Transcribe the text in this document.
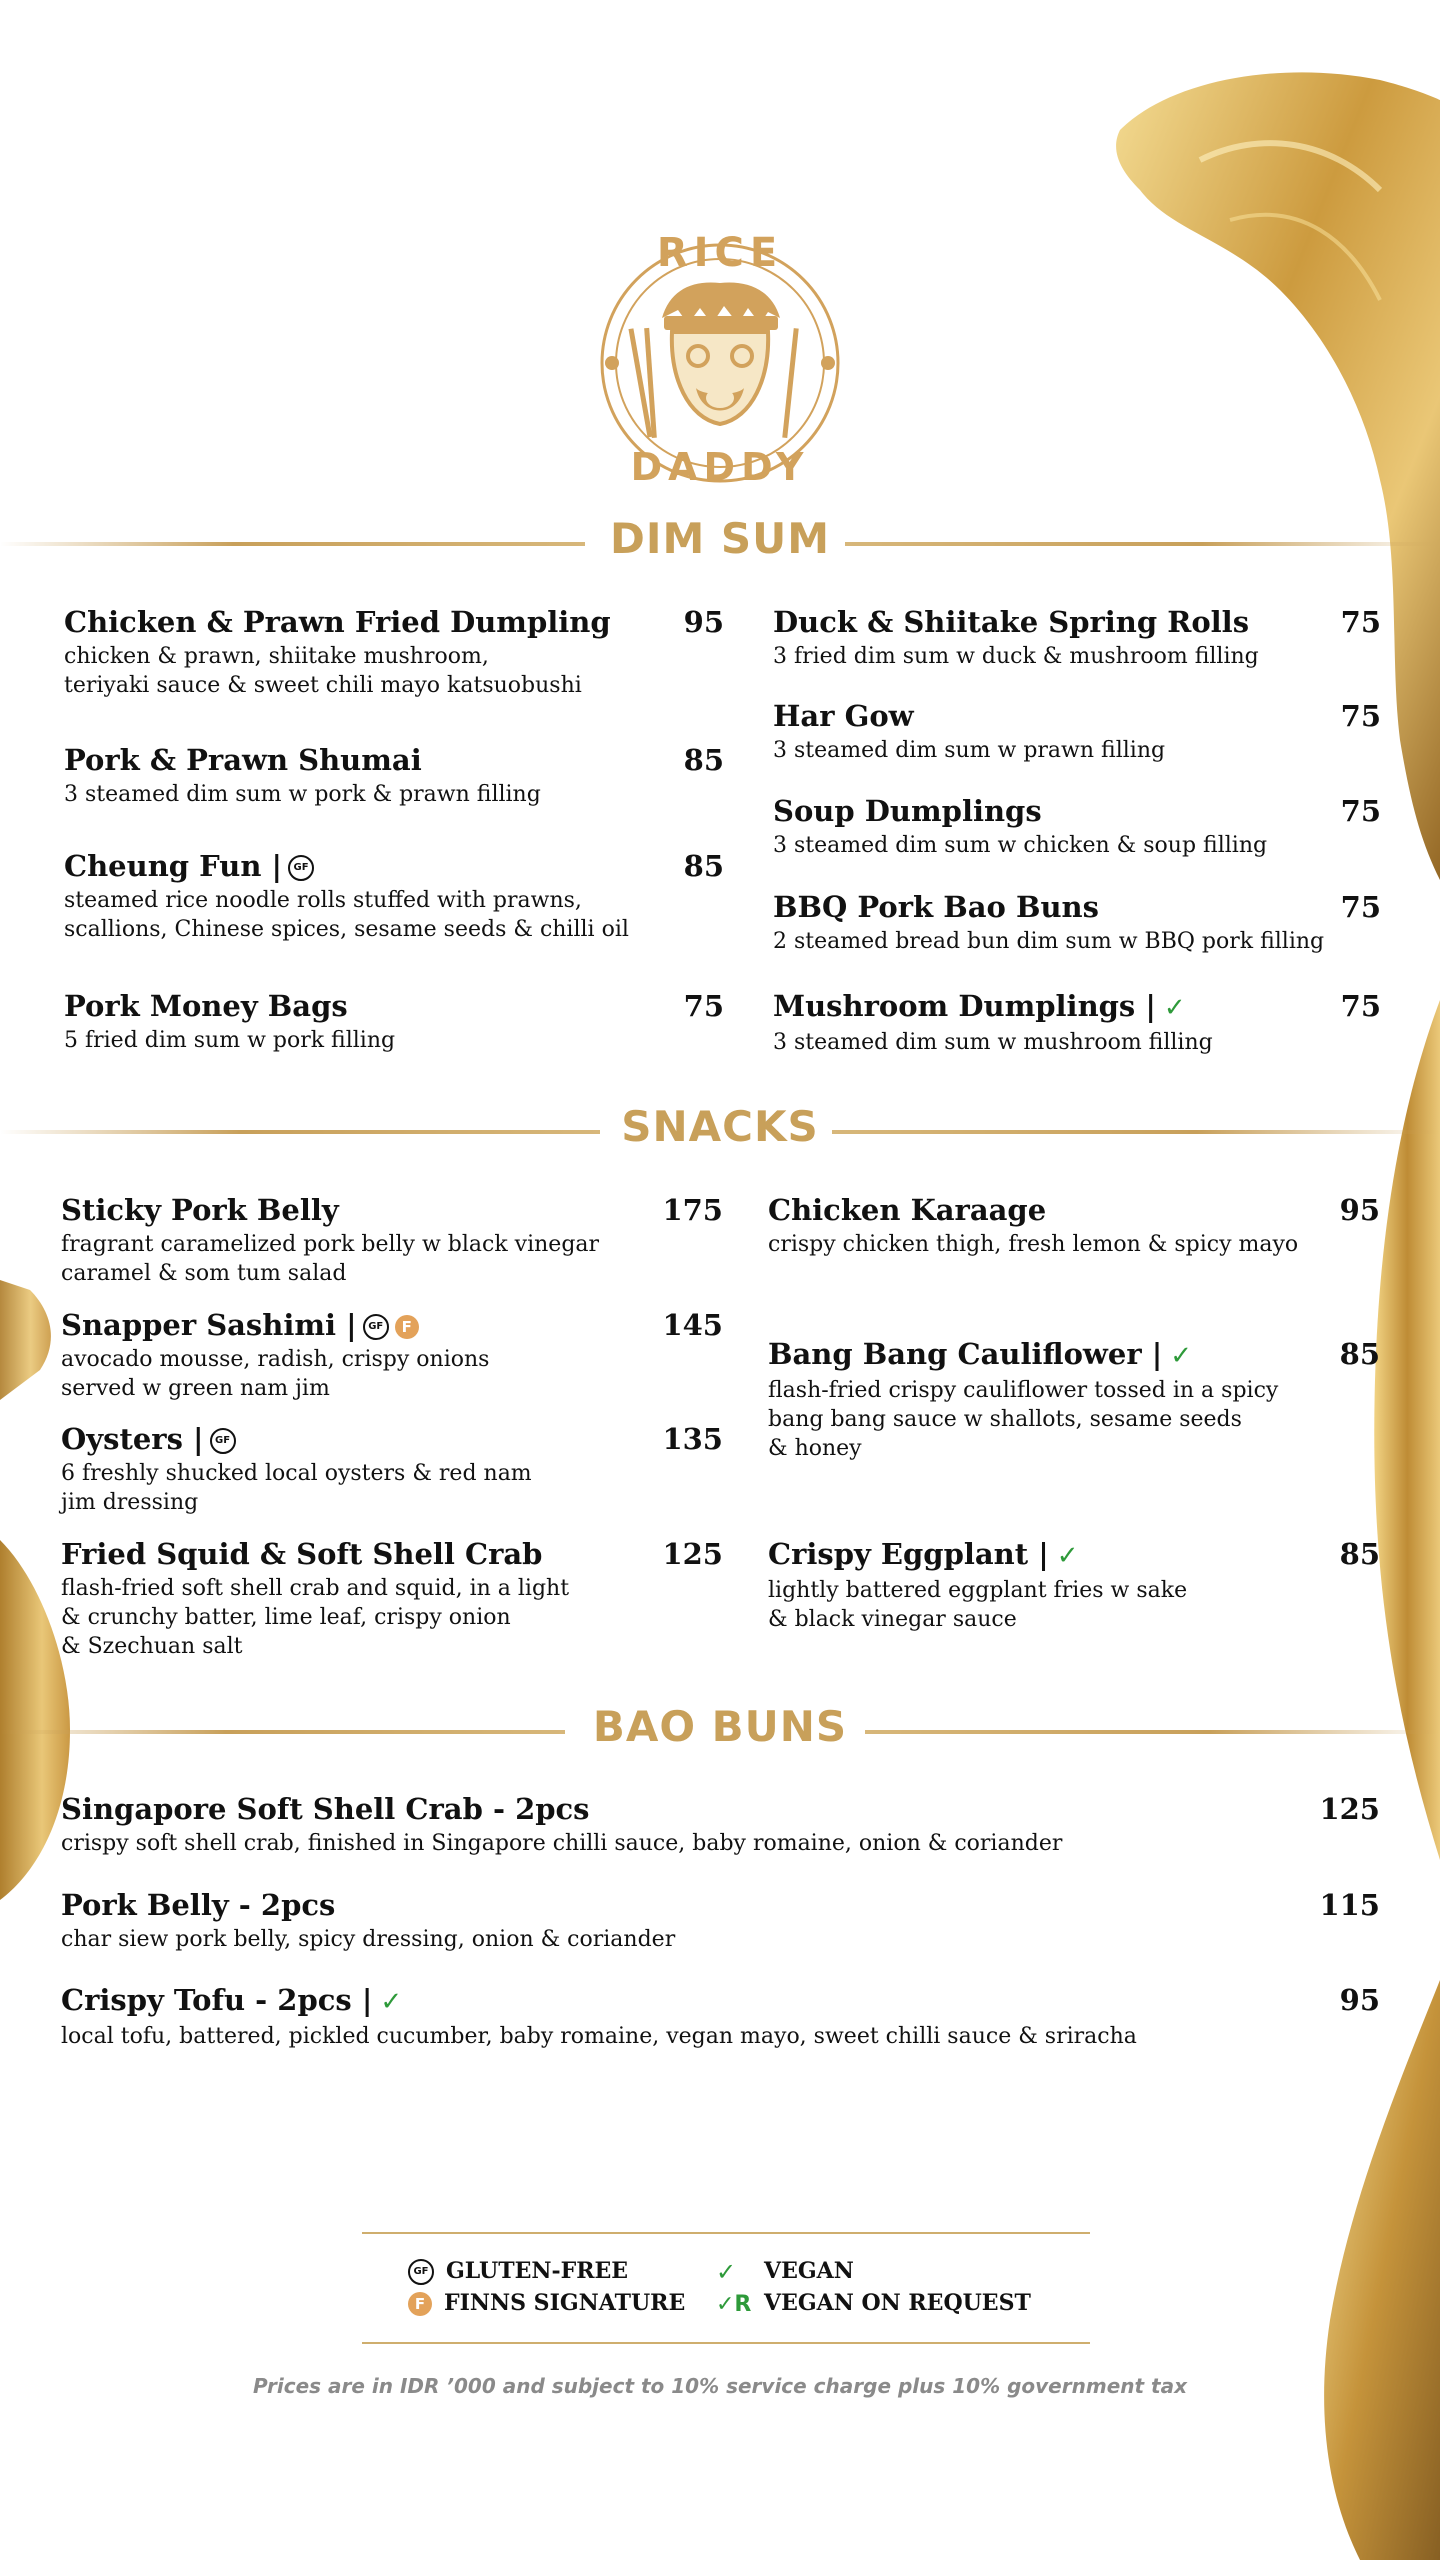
RICE
DADDY
DIM SUM
Chicken & Prawn Fried Dumpling	95
chicken & prawn, shiitake mushroom,
teriyaki sauce & sweet chili mayo katsuobushi
Pork & Prawn Shumai	85
3 steamed dim sum w pork & prawn filling
Cheung Fun | GF	85
steamed rice noodle rolls stuffed with prawns,
scallions, Chinese spices, sesame seeds & chilli oil
Pork Money Bags	75
5 fried dim sum w pork filling
Duck & Shiitake Spring Rolls	75
3 fried dim sum w duck & mushroom filling
Har Gow	75
3 steamed dim sum w prawn filling
Soup Dumplings	75
3 steamed dim sum w chicken & soup filling
BBQ Pork Bao Buns	75
2 steamed bread bun dim sum w BBQ pork filling
Mushroom Dumplings | ✓	75
3 steamed dim sum w mushroom filling
SNACKS
Sticky Pork Belly	175
fragrant caramelized pork belly w black vinegar
caramel & som tum salad
Snapper Sashimi | GF F	145
avocado mousse, radish, crispy onions
served w green nam jim
Oysters | GF	135
6 freshly shucked local oysters & red nam
jim dressing
Fried Squid & Soft Shell Crab	125
flash-fried soft shell crab and squid, in a light
& crunchy batter, lime leaf, crispy onion
& Szechuan salt
Chicken Karaage	95
crispy chicken thigh, fresh lemon & spicy mayo
Bang Bang Cauliflower | ✓	85
flash-fried crispy cauliflower tossed in a spicy
bang bang sauce w shallots, sesame seeds
& honey
Crispy Eggplant | ✓	85
lightly battered eggplant fries w sake
& black vinegar sauce
BAO BUNS
Singapore Soft Shell Crab - 2pcs	125
crispy soft shell crab, finished in Singapore chilli sauce, baby romaine, onion & coriander
Pork Belly - 2pcs	115
char siew pork belly, spicy dressing, onion & coriander
Crispy Tofu - 2pcs | ✓	95
local tofu, battered, pickled cucumber, baby romaine, vegan mayo, sweet chilli sauce & sriracha
GF GLUTEN-FREE
F FINNS SIGNATURE
✓ VEGAN
✓R VEGAN ON REQUEST
Prices are in IDR ’000 and subject to 10% service charge plus 10% government tax
